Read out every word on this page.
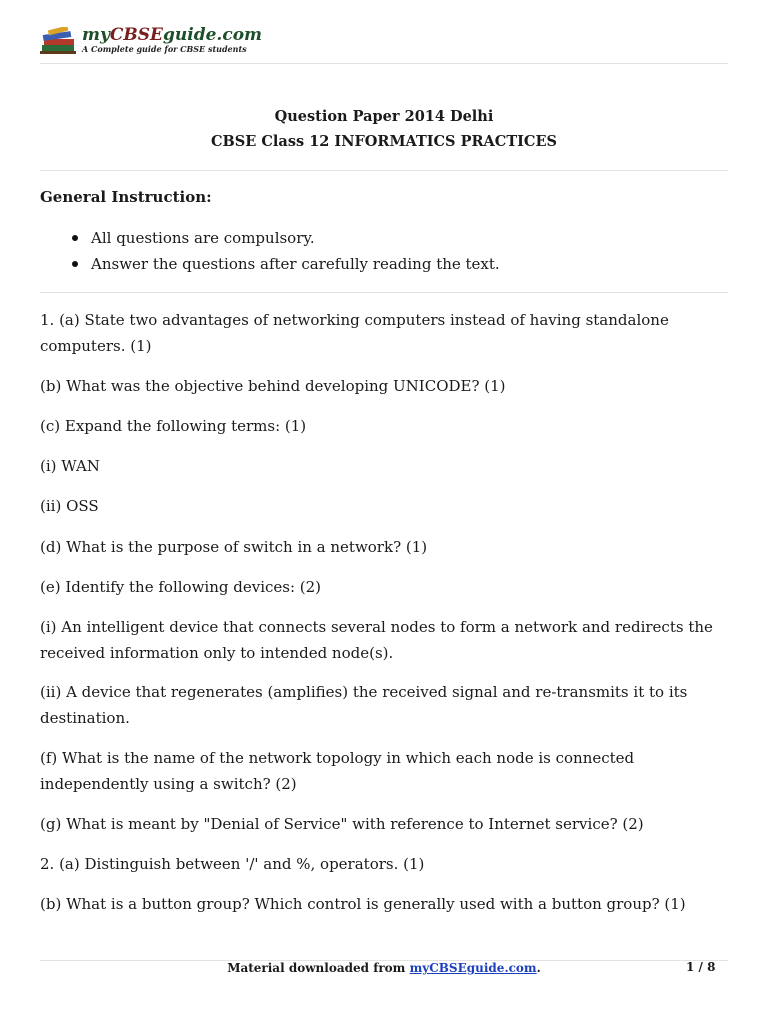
my CBSE guide.com
A Complete guide for CBSE students
Question Paper 2014 Delhi
CBSE Class 12 INFORMATICS PRACTICES
General Instruction:
All questions are compulsory.
Answer the questions after carefully reading the text.

1. (a) State two advantages of networking computers instead of having standalone computers. (1)

(b) What was the objective behind developing UNICODE? (1)

(c) Expand the following terms: (1)

(i) WAN

(ii) OSS

(d) What is the purpose of switch in a network? (1)

(e) Identify the following devices: (2)

(i) An intelligent device that connects several nodes to form a network and redirects the received information only to intended node(s).

(ii) A device that regenerates (amplifies) the received signal and re-transmits it to its destination.

(f) What is the name of the network topology in which each node is connected independently using a switch? (2)

(g) What is meant by "Denial of Service" with reference to Internet service? (2)

2. (a) Distinguish between '/' and %, operators. (1)

(b) What is a button group? Which control is generally used with a button group? (1)

Material downloaded from myCBSEguide.com.	1 / 8
